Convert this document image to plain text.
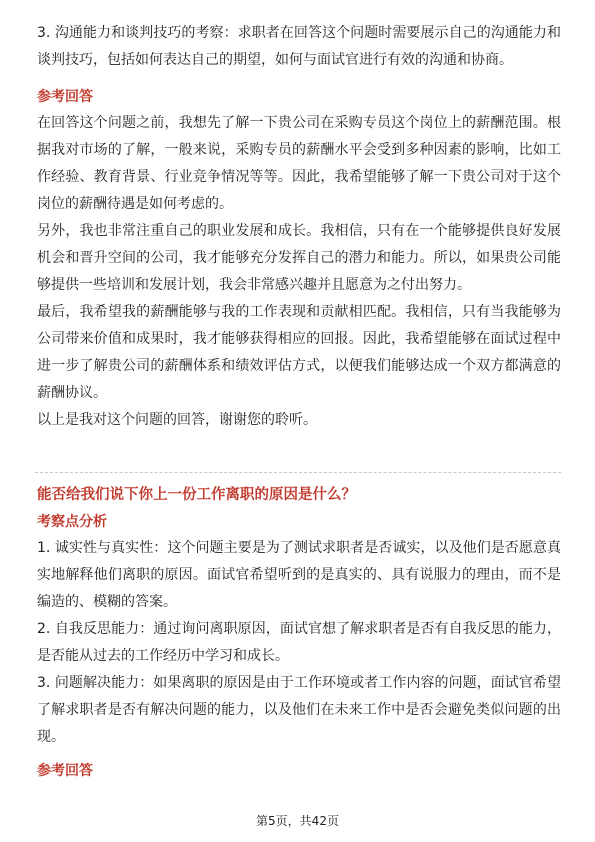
3. 沟通能力和谈判技巧的考察：求职者在回答这个问题时需要展示自己的沟通能力和谈判技巧，包括如何表达自己的期望，如何与面试官进行有效的沟通和协商。

参考回答

在回答这个问题之前，我想先了解一下贵公司在采购专员这个岗位上的薪酬范围。根据我对市场的了解，一般来说，采购专员的薪酬水平会受到多种因素的影响，比如工作经验、教育背景、行业竞争情况等等。因此，我希望能够了解一下贵公司对于这个岗位的薪酬待遇是如何考虑的。

另外，我也非常注重自己的职业发展和成长。我相信，只有在一个能够提供良好发展机会和晋升空间的公司，我才能够充分发挥自己的潜力和能力。所以，如果贵公司能够提供一些培训和发展计划，我会非常感兴趣并且愿意为之付出努力。

最后，我希望我的薪酬能够与我的工作表现和贡献相匹配。我相信，只有当我能够为公司带来价值和成果时，我才能够获得相应的回报。因此，我希望能够在面试过程中进一步了解贵公司的薪酬体系和绩效评估方式，以便我们能够达成一个双方都满意的薪酬协议。

以上是我对这个问题的回答，谢谢您的聆听。

能否给我们说下你上一份工作离职的原因是什么？
考察点分析

1. 诚实性与真实性：这个问题主要是为了测试求职者是否诚实，以及他们是否愿意真实地解释他们离职的原因。面试官希望听到的是真实的、具有说服力的理由，而不是编造的、模糊的答案。

2. 自我反思能力：通过询问离职原因，面试官想了解求职者是否有自我反思的能力，是否能从过去的工作经历中学习和成长。

3. 问题解决能力：如果离职的原因是由于工作环境或者工作内容的问题，面试官希望了解求职者是否有解决问题的能力，以及他们在未来工作中是否会避免类似问题的出现。

参考回答
第5页，共42页
